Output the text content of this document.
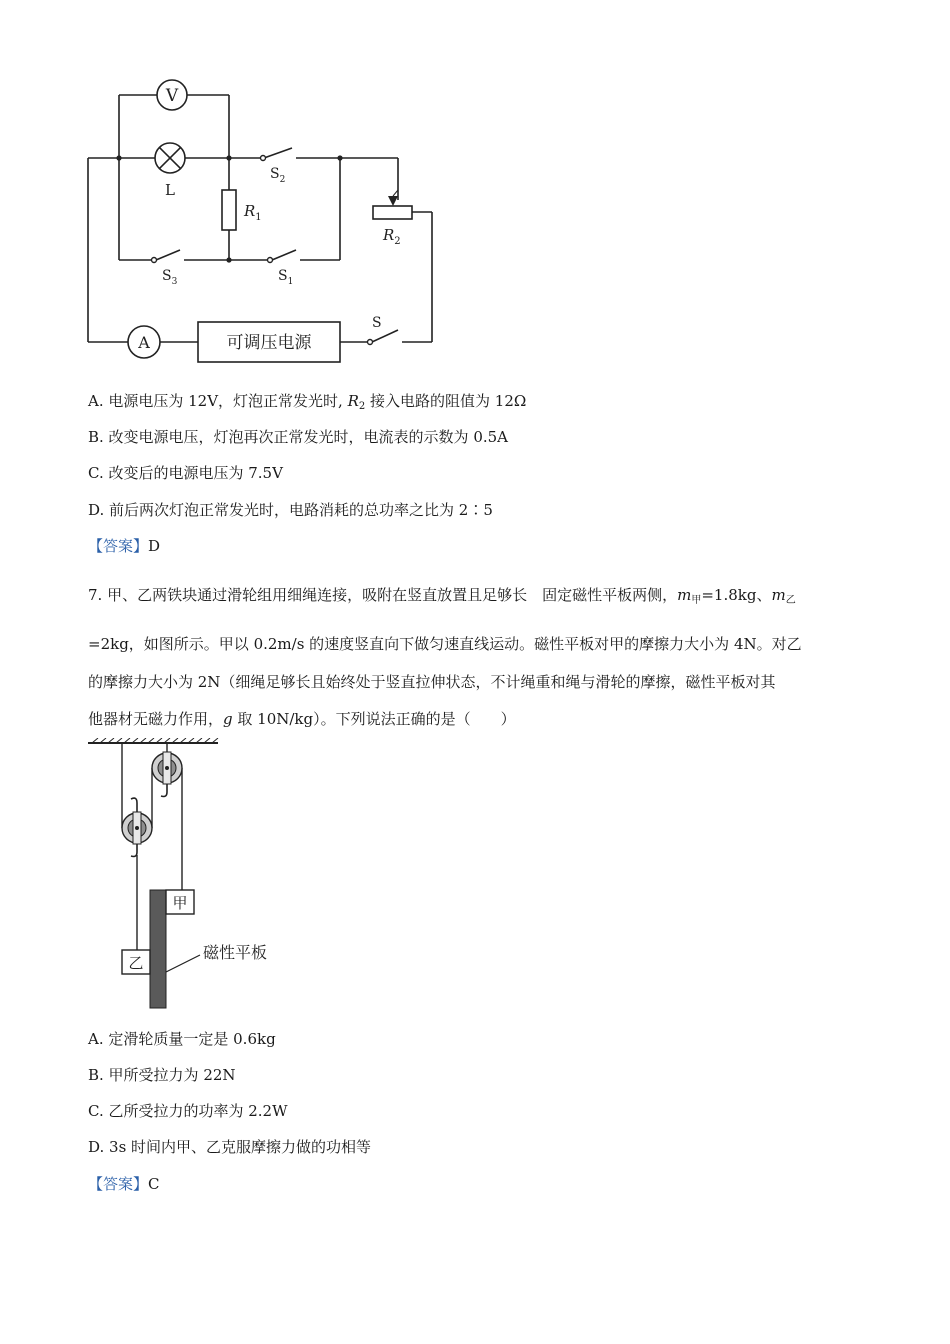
V
L
$R_1$
$R_2$
$S_2$
$S_3$	$S_1$
S
A	可调压电源
A. 电源电压为 12V，灯泡正常发光时, $R_2$ 接入电路的阻值为 12Ω
B. 改变电源电压，灯泡再次正常发光时，电流表的示数为 0.5A
C. 改变后的电源电压为 7.5V
D. 前后两次灯泡正常发光时，电路消耗的总功率之比为 2∶5
【答案】D
7. 甲、乙两铁块通过滑轮组用细绳连接，吸附在竖直放置且足够长　固定磁性平板两侧，$m_甲=1.8kg$、$m_乙$
=2kg，如图所示。甲以 0.2m/s 的速度竖直向下做匀速直线运动。磁性平板对甲的摩擦力大小为 4N。对乙
的摩擦力大小为 2N（细绳足够长且始终处于竖直拉伸状态，不计绳重和绳与滑轮的摩擦，磁性平板对其
他器材无磁力作用，g 取 10N/kg）。下列说法正确的是（　　）
甲
乙
磁性平板
A. 定滑轮质量一定是 0.6kg
B. 甲所受拉力为 22N
C. 乙所受拉力的功率为 2.2W
D. 3s 时间内甲、乙克服摩擦力做的功相等
【答案】C
